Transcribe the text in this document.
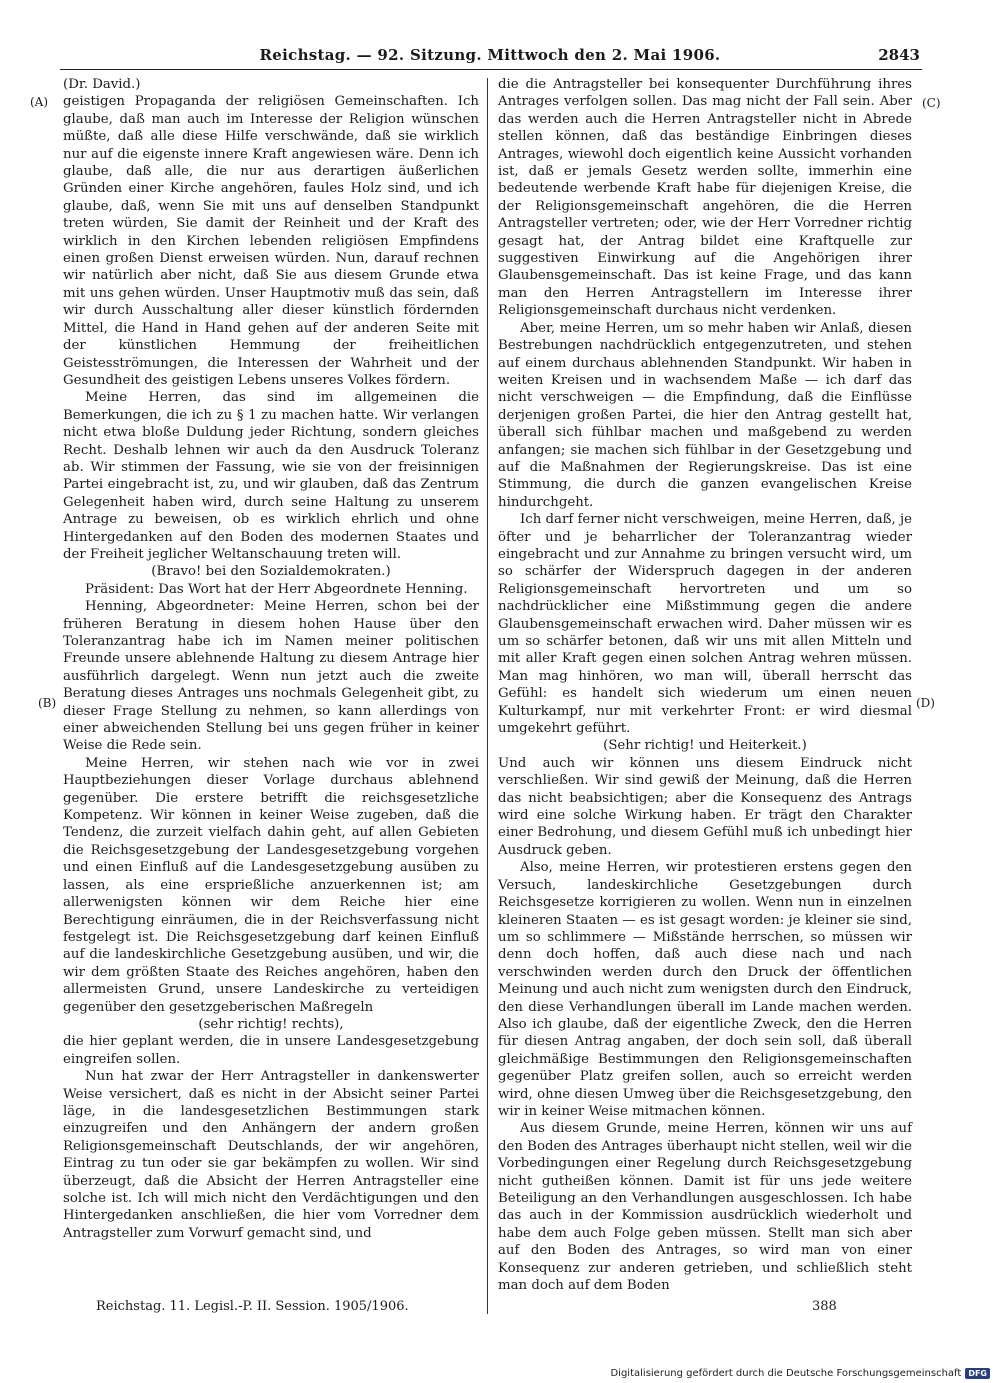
Reichstag. — 92. Sitzung. Mittwoch den 2. Mai 1906.	2843
(A)
(B)
(C)
(D)

(Dr. David.)

geistigen Propaganda der religiösen Gemeinschaften. Ich glaube, daß man auch im Interesse der Religion wünschen müßte, daß alle diese Hilfe verschwände, daß sie wirklich nur auf die eigenste innere Kraft angewiesen wäre. Denn ich glaube, daß alle, die nur aus derartigen äußerlichen Gründen einer Kirche angehören, faules Holz sind, und ich glaube, daß, wenn Sie mit uns auf denselben Standpunkt treten würden, Sie damit der Reinheit und der Kraft des wirklich in den Kirchen lebenden religiösen Empfindens einen großen Dienst erweisen würden. Nun, darauf rechnen wir natürlich aber nicht, daß Sie aus diesem Grunde etwa mit uns gehen würden. Unser Hauptmotiv muß das sein, daß wir durch Ausschaltung aller dieser künstlich fördernden Mittel, die Hand in Hand gehen auf der anderen Seite mit der künstlichen Hemmung der freiheitlichen Geistesströmungen, die Interessen der Wahrheit und der Gesundheit des geistigen Lebens unseres Volkes fördern.

Meine Herren, das sind im allgemeinen die Bemerkungen, die ich zu § 1 zu machen hatte. Wir verlangen nicht etwa bloße Duldung jeder Richtung, sondern gleiches Recht. Deshalb lehnen wir auch da den Ausdruck Toleranz ab. Wir stimmen der Fassung, wie sie von der freisinnigen Partei eingebracht ist, zu, und wir glauben, daß das Zentrum Gelegenheit haben wird, durch seine Haltung zu unserem Antrage zu beweisen, ob es wirklich ehrlich und ohne Hintergedanken auf den Boden des modernen Staates und der Freiheit jeglicher Weltanschauung treten will.

(Bravo! bei den Sozialdemokraten.)

Präsident: Das Wort hat der Herr Abgeordnete Henning.

Henning, Abgeordneter: Meine Herren, schon bei der früheren Beratung in diesem hohen Hause über den Toleranzantrag habe ich im Namen meiner politischen Freunde unsere ablehnende Haltung zu diesem Antrage hier ausführlich dargelegt. Wenn nun jetzt auch die zweite Beratung dieses Antrages uns nochmals Gelegenheit gibt, zu dieser Frage Stellung zu nehmen, so kann allerdings von einer abweichenden Stellung bei uns gegen früher in keiner Weise die Rede sein.

Meine Herren, wir stehen nach wie vor in zwei Hauptbeziehungen dieser Vorlage durchaus ablehnend gegenüber. Die erstere betrifft die reichsgesetzliche Kompetenz. Wir können in keiner Weise zugeben, daß die Tendenz, die zurzeit vielfach dahin geht, auf allen Gebieten die Reichsgesetzgebung der Landesgesetzgebung vorgehen und einen Einfluß auf die Landesgesetzgebung ausüben zu lassen, als eine ersprießliche anzuerkennen ist; am allerwenigsten können wir dem Reiche hier eine Berechtigung einräumen, die in der Reichsverfassung nicht festgelegt ist. Die Reichsgesetzgebung darf keinen Einfluß auf die landeskirchliche Gesetzgebung ausüben, und wir, die wir dem größten Staate des Reiches angehören, haben den allermeisten Grund, unsere Landeskirche zu verteidigen gegenüber den gesetzgeberischen Maßregeln

(sehr richtig! rechts),

die hier geplant werden, die in unsere Landesgesetzgebung eingreifen sollen.

Nun hat zwar der Herr Antragsteller in dankenswerter Weise versichert, daß es nicht in der Absicht seiner Partei läge, in die landesgesetzlichen Bestimmungen stark einzugreifen und den Anhängern der andern großen Religionsgemeinschaft Deutschlands, der wir angehören, Eintrag zu tun oder sie gar bekämpfen zu wollen. Wir sind überzeugt, daß die Absicht der Herren Antragsteller eine solche ist. Ich will mich nicht den Verdächtigungen und den Hintergedanken anschließen, die hier vom Vorredner dem Antragsteller zum Vorwurf gemacht sind, und

die die Antragsteller bei konsequenter Durchführung ihres Antrages verfolgen sollen. Das mag nicht der Fall sein. Aber das werden auch die Herren Antragsteller nicht in Abrede stellen können, daß das beständige Einbringen dieses Antrages, wiewohl doch eigentlich keine Aussicht vorhanden ist, daß er jemals Gesetz werden sollte, immerhin eine bedeutende werbende Kraft habe für diejenigen Kreise, die der Religionsgemeinschaft angehören, die die Herren Antragsteller vertreten; oder, wie der Herr Vorredner richtig gesagt hat, der Antrag bildet eine Kraftquelle zur suggestiven Einwirkung auf die Angehörigen ihrer Glaubensgemeinschaft. Das ist keine Frage, und das kann man den Herren Antragstellern im Interesse ihrer Religionsgemeinschaft durchaus nicht verdenken.

Aber, meine Herren, um so mehr haben wir Anlaß, diesen Bestrebungen nachdrücklich entgegenzutreten, und stehen auf einem durchaus ablehnenden Standpunkt. Wir haben in weiten Kreisen und in wachsendem Maße — ich darf das nicht verschweigen — die Empfindung, daß die Einflüsse derjenigen großen Partei, die hier den Antrag gestellt hat, überall sich fühlbar machen und maßgebend zu werden anfangen; sie machen sich fühlbar in der Gesetzgebung und auf die Maßnahmen der Regierungskreise. Das ist eine Stimmung, die durch die ganzen evangelischen Kreise hindurchgeht.

Ich darf ferner nicht verschweigen, meine Herren, daß, je öfter und je beharrlicher der Toleranzantrag wieder eingebracht und zur Annahme zu bringen versucht wird, um so schärfer der Widerspruch dagegen in der anderen Religionsgemeinschaft hervortreten und um so nachdrücklicher eine Mißstimmung gegen die andere Glaubensgemeinschaft erwachen wird. Daher müssen wir es um so schärfer betonen, daß wir uns mit allen Mitteln und mit aller Kraft gegen einen solchen Antrag wehren müssen. Man mag hinhören, wo man will, überall herrscht das Gefühl: es handelt sich wiederum um einen neuen Kulturkampf, nur mit verkehrter Front: er wird diesmal umgekehrt geführt.

(Sehr richtig! und Heiterkeit.)

Und auch wir können uns diesem Eindruck nicht verschließen. Wir sind gewiß der Meinung, daß die Herren das nicht beabsichtigen; aber die Konsequenz des Antrags wird eine solche Wirkung haben. Er trägt den Charakter einer Bedrohung, und diesem Gefühl muß ich unbedingt hier Ausdruck geben.

Also, meine Herren, wir protestieren erstens gegen den Versuch, landeskirchliche Gesetzgebungen durch Reichsgesetze korrigieren zu wollen. Wenn nun in einzelnen kleineren Staaten — es ist gesagt worden: je kleiner sie sind, um so schlimmere — Mißstände herrschen, so müssen wir denn doch hoffen, daß auch diese nach und nach verschwinden werden durch den Druck der öffentlichen Meinung und auch nicht zum wenigsten durch den Eindruck, den diese Verhandlungen überall im Lande machen werden. Also ich glaube, daß der eigentliche Zweck, den die Herren für diesen Antrag angaben, der doch sein soll, daß überall gleichmäßige Bestimmungen den Religionsgemeinschaften gegenüber Platz greifen sollen, auch so erreicht werden wird, ohne diesen Umweg über die Reichsgesetzgebung, den wir in keiner Weise mitmachen können.

Aus diesem Grunde, meine Herren, können wir uns auf den Boden des Antrages überhaupt nicht stellen, weil wir die Vorbedingungen einer Regelung durch Reichsgesetzgebung nicht gutheißen können. Damit ist für uns jede weitere Beteiligung an den Verhandlungen ausgeschlossen. Ich habe das auch in der Kommission ausdrücklich wiederholt und habe dem auch Folge geben müssen. Stellt man sich aber auf den Boden des Antrages, so wird man von einer Konsequenz zur anderen getrieben, und schließlich steht man doch auf dem Boden

Reichstag. 11. Legisl.-P. II. Session. 1905/1906.	388
Digitalisierung gefördert durch die Deutsche Forschungsgemeinschaft DFG
